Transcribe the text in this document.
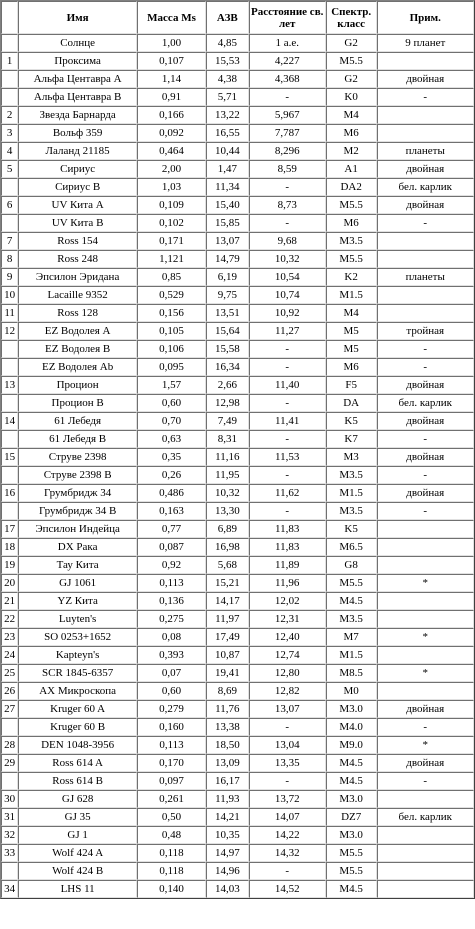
	Имя	Масса Ms	АЗВ	Расстояние св. лет	Спектр. класс	Прим.
	Солнце	1,00	4,85	1 а.е.	G2	9 планет
1	Проксима	0,107	15,53	4,227	M5.5	
	Альфа Центавра A	1,14	4,38	4,368	G2	двойная
	Альфа Центавра B	0,91	5,71	-	K0	-
2	Звезда Барнарда	0,166	13,22	5,967	M4	
3	Вольф 359	0,092	16,55	7,787	M6	
4	Лаланд 21185	0,464	10,44	8,296	M2	планеты
5	Сириус	2,00	1,47	8,59	A1	двойная
	Сириус B	1,03	11,34	-	DA2	бел. карлик
6	UV Кита A	0,109	15,40	8,73	M5.5	двойная
	UV Кита B	0,102	15,85	-	M6	-
7	Ross 154	0,171	13,07	9,68	M3.5	
8	Ross 248	1,121	14,79	10,32	M5.5	
9	Эпсилон Эридана	0,85	6,19	10,54	K2	планеты
10	Lacaille 9352	0,529	9,75	10,74	M1.5	
11	Ross 128	0,156	13,51	10,92	M4	
12	EZ Водолея A	0,105	15,64	11,27	M5	тройная
	EZ Водолея B	0,106	15,58	-	M5	-
	EZ Водолея Ab	0,095	16,34	-	M6	-
13	Процион	1,57	2,66	11,40	F5	двойная
	Процион B	0,60	12,98	-	DA	бел. карлик
14	61 Лебедя	0,70	7,49	11,41	K5	двойная
	61 Лебедя B	0,63	8,31	-	K7	-
15	Струве 2398	0,35	11,16	11,53	M3	двойная
	Струве 2398 B	0,26	11,95	-	M3.5	-
16	Грумбридж 34	0,486	10,32	11,62	M1.5	двойная
	Грумбридж 34 B	0,163	13,30	-	M3.5	-
17	Эпсилон Индейца	0,77	6,89	11,83	K5	
18	DX Рака	0,087	16,98	11,83	M6.5	
19	Тау Кита	0,92	5,68	11,89	G8	
20	GJ 1061	0,113	15,21	11,96	M5.5	*
21	YZ Кита	0,136	14,17	12,02	M4.5	
22	Luyten's	0,275	11,97	12,31	M3.5	
23	SO 0253+1652	0,08	17,49	12,40	M7	*
24	Kapteyn's	0,393	10,87	12,74	M1.5	
25	SCR 1845-6357	0,07	19,41	12,80	M8.5	*
26	AX Микроскопа	0,60	8,69	12,82	M0	
27	Kruger 60 A	0,279	11,76	13,07	M3.0	двойная
	Kruger 60 B	0,160	13,38	-	M4.0	-
28	DEN 1048-3956	0,113	18,50	13,04	M9.0	*
29	Ross 614 A	0,170	13,09	13,35	M4.5	двойная
	Ross 614 B	0,097	16,17	-	M4.5	-
30	GJ 628	0,261	11,93	13,72	M3.0	
31	GJ 35	0,50	14,21	14,07	DZ7	бел. карлик
32	GJ 1	0,48	10,35	14,22	M3.0	
33	Wolf 424 A	0,118	14,97	14,32	M5.5	
	Wolf 424 B	0,118	14,96	-	M5.5	
34	LHS 11	0,140	14,03	14,52	M4.5	
